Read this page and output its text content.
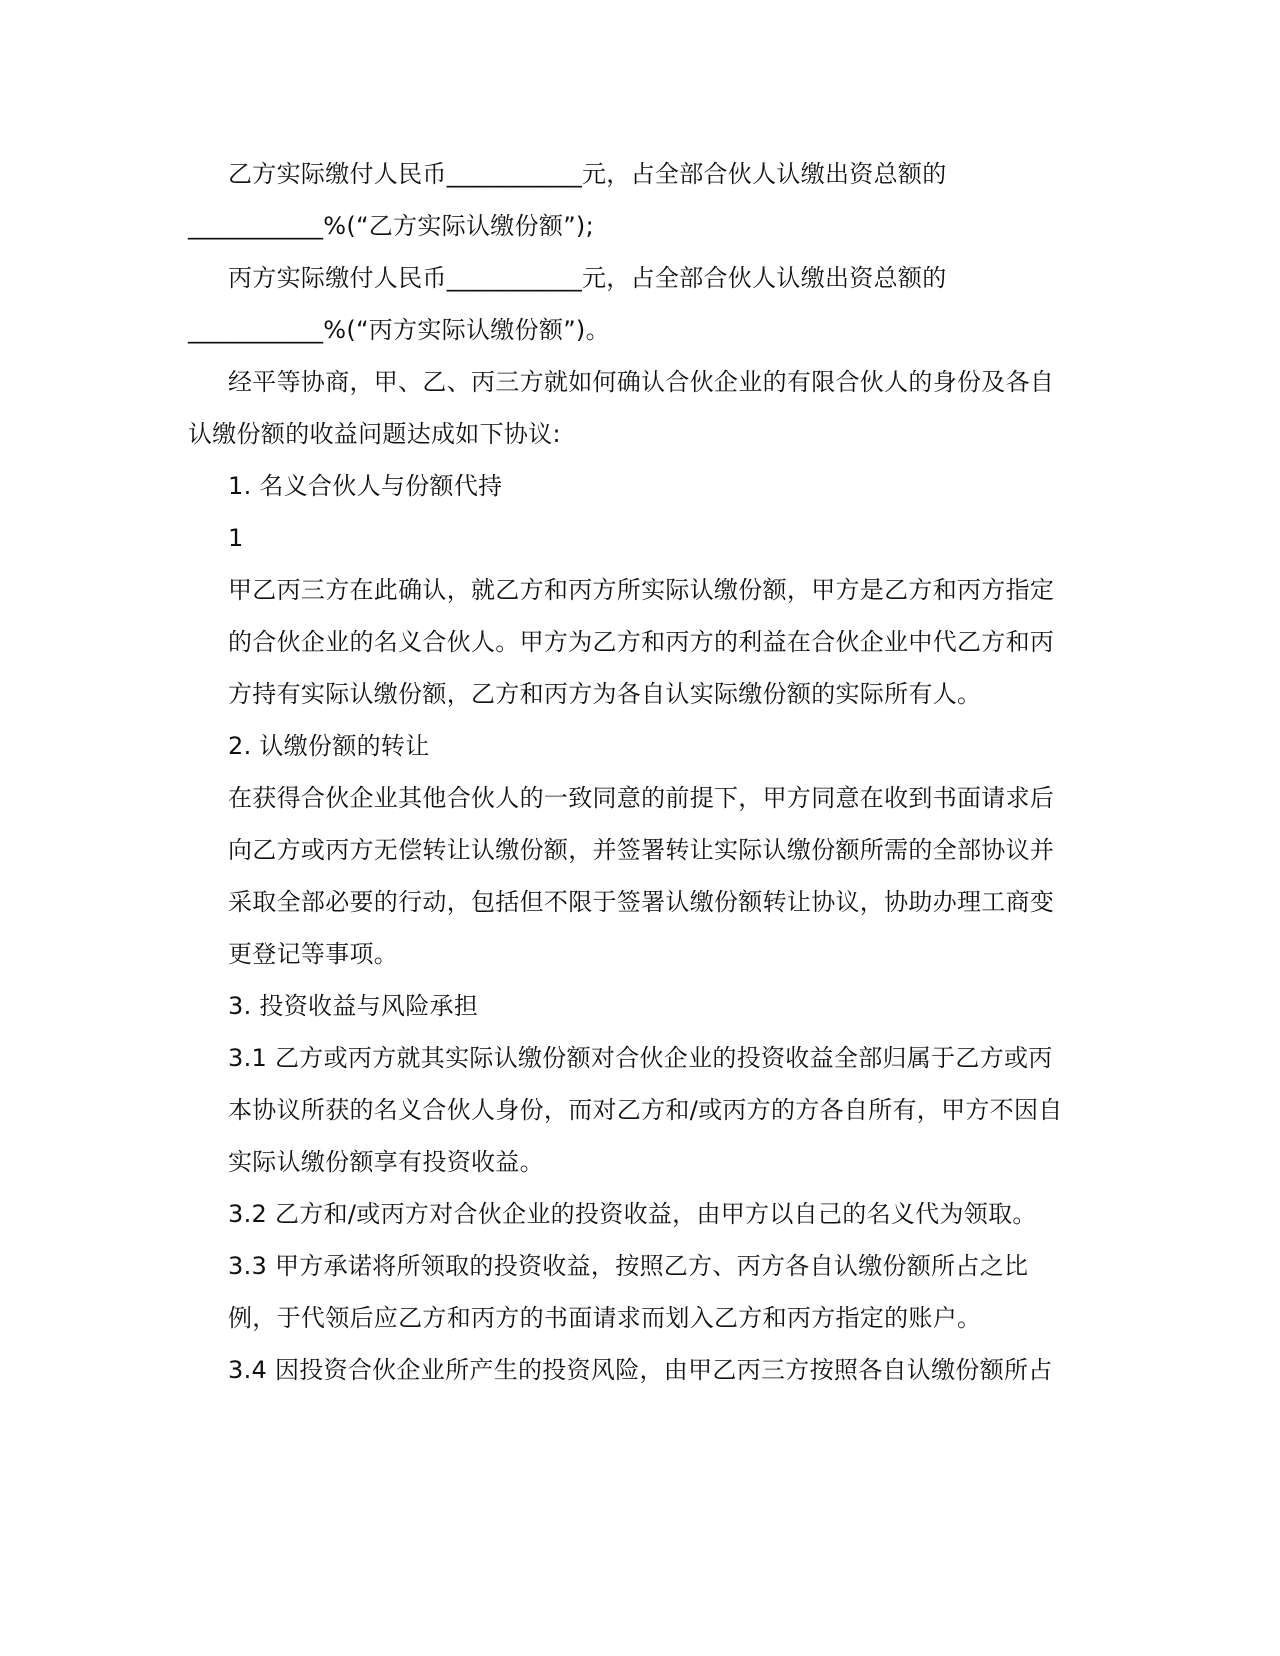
乙方实际缴付人民币___________元，占全部合伙人认缴出资总额的
___________%(“乙方实际认缴份额”);
丙方实际缴付人民币___________元，占全部合伙人认缴出资总额的
___________%(“丙方实际认缴份额”)。
经平等协商，甲、乙、丙三方就如何确认合伙企业的有限合伙人的身份及各自
认缴份额的收益问题达成如下协议:
1. 名义合伙人与份额代持
1
甲乙丙三方在此确认，就乙方和丙方所实际认缴份额，甲方是乙方和丙方指定
的合伙企业的名义合伙人。甲方为乙方和丙方的利益在合伙企业中代乙方和丙
方持有实际认缴份额，乙方和丙方为各自认实际缴份额的实际所有人。
2. 认缴份额的转让
在获得合伙企业其他合伙人的一致同意的前提下，甲方同意在收到书面请求后
向乙方或丙方无偿转让认缴份额，并签署转让实际认缴份额所需的全部协议并
采取全部必要的行动，包括但不限于签署认缴份额转让协议，协助办理工商变
更登记等事项。
3. 投资收益与风险承担
3.1 乙方或丙方就其实际认缴份额对合伙企业的投资收益全部归属于乙方或丙
本协议所获的名义合伙人身份，而对乙方和/或丙方的方各自所有，甲方不因自
实际认缴份额享有投资收益。
3.2 乙方和/或丙方对合伙企业的投资收益，由甲方以自己的名义代为领取。
3.3 甲方承诺将所领取的投资收益，按照乙方、丙方各自认缴份额所占之比
例，于代领后应乙方和丙方的书面请求而划入乙方和丙方指定的账户。
3.4 因投资合伙企业所产生的投资风险，由甲乙丙三方按照各自认缴份额所占
